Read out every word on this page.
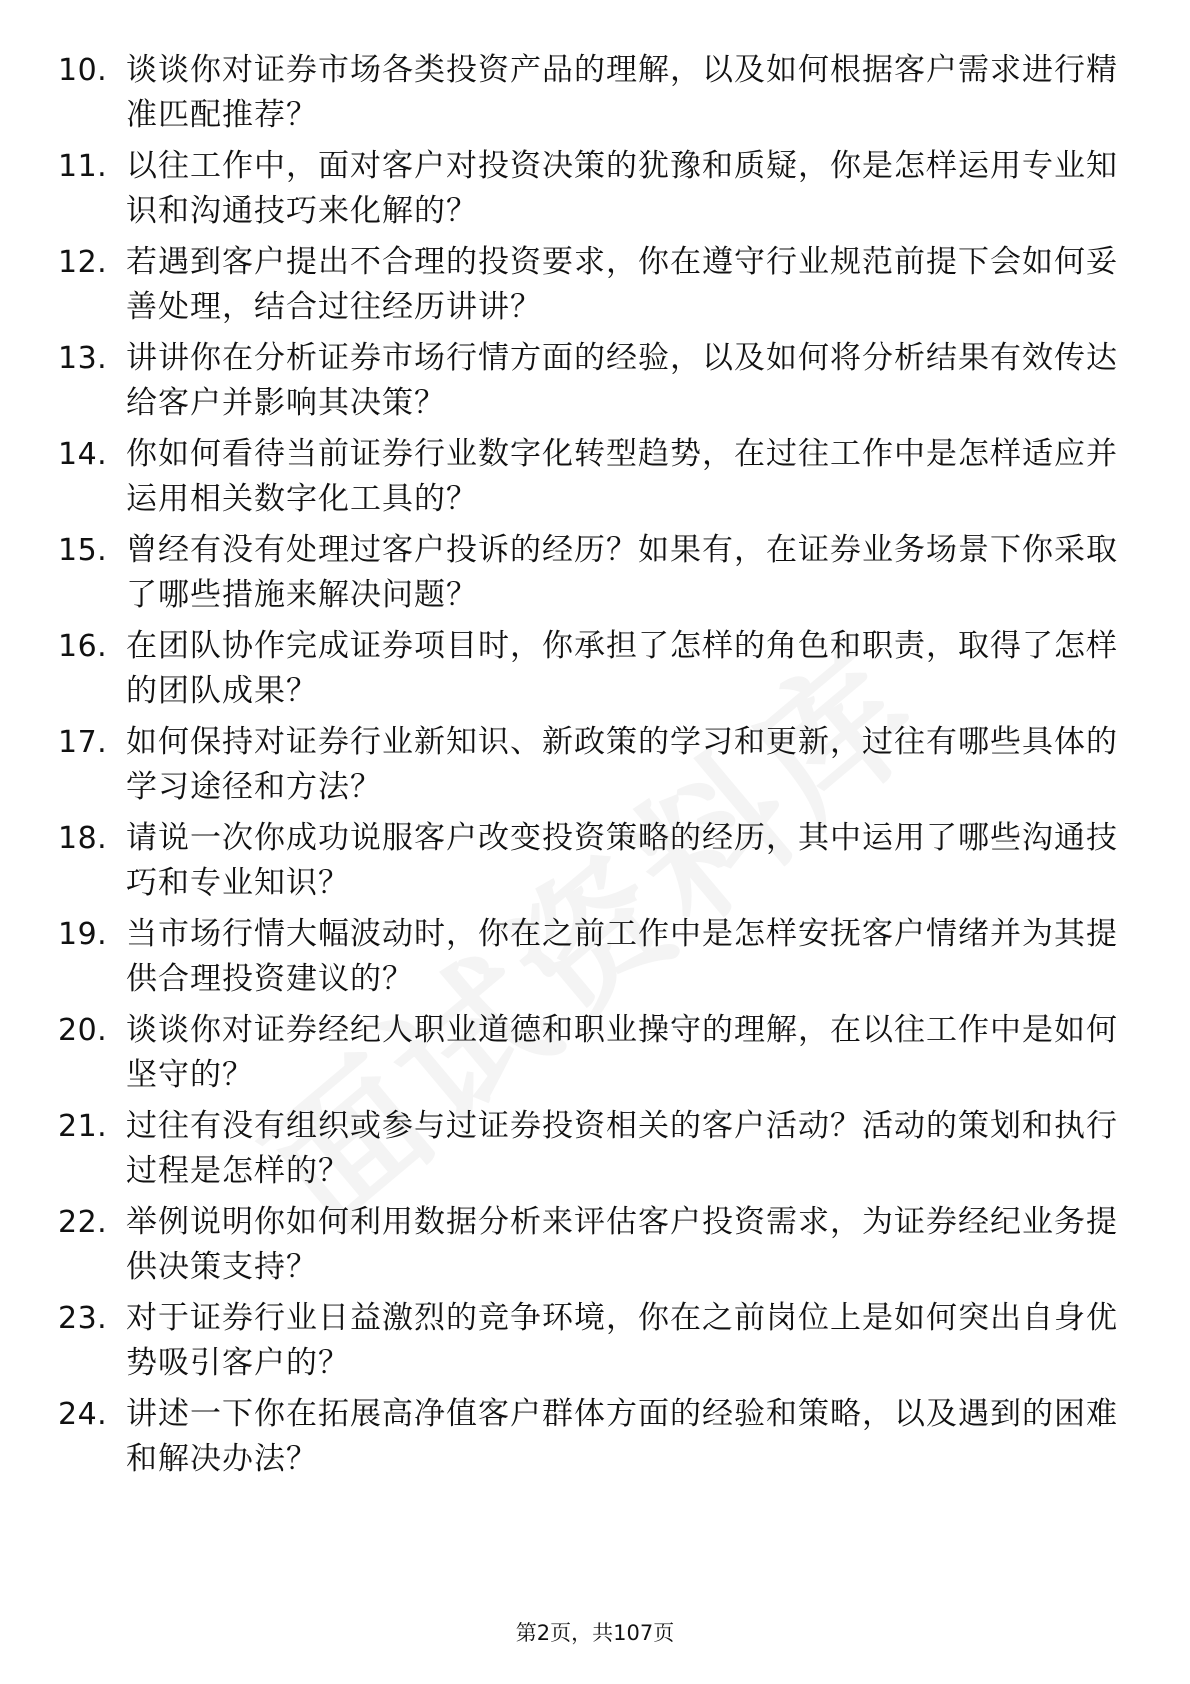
10. 谈谈你对证券市场各类投资产品的理解，以及如何根据客户需求进行精准匹配推荐？
11. 以往工作中，面对客户对投资决策的犹豫和质疑，你是怎样运用专业知识和沟通技巧来化解的？
12. 若遇到客户提出不合理的投资要求，你在遵守行业规范前提下会如何妥善处理，结合过往经历讲讲？
13. 讲讲你在分析证券市场行情方面的经验，以及如何将分析结果有效传达给客户并影响其决策？
14. 你如何看待当前证券行业数字化转型趋势，在过往工作中是怎样适应并运用相关数字化工具的？
15. 曾经有没有处理过客户投诉的经历？如果有，在证券业务场景下你采取了哪些措施来解决问题？
16. 在团队协作完成证券项目时，你承担了怎样的角色和职责，取得了怎样的团队成果？
17. 如何保持对证券行业新知识、新政策的学习和更新，过往有哪些具体的学习途径和方法？
18. 请说一次你成功说服客户改变投资策略的经历，其中运用了哪些沟通技巧和专业知识？
19. 当市场行情大幅波动时，你在之前工作中是怎样安抚客户情绪并为其提供合理投资建议的？
20. 谈谈你对证券经纪人职业道德和职业操守的理解，在以往工作中是如何坚守的？
21. 过往有没有组织或参与过证券投资相关的客户活动？活动的策划和执行过程是怎样的？
22. 举例说明你如何利用数据分析来评估客户投资需求，为证券经纪业务提供决策支持？
23. 对于证券行业日益激烈的竞争环境，你在之前岗位上是如何突出自身优势吸引客户的？
24. 讲述一下你在拓展高净值客户群体方面的经验和策略，以及遇到的困难和解决办法？
第2页，共107页
